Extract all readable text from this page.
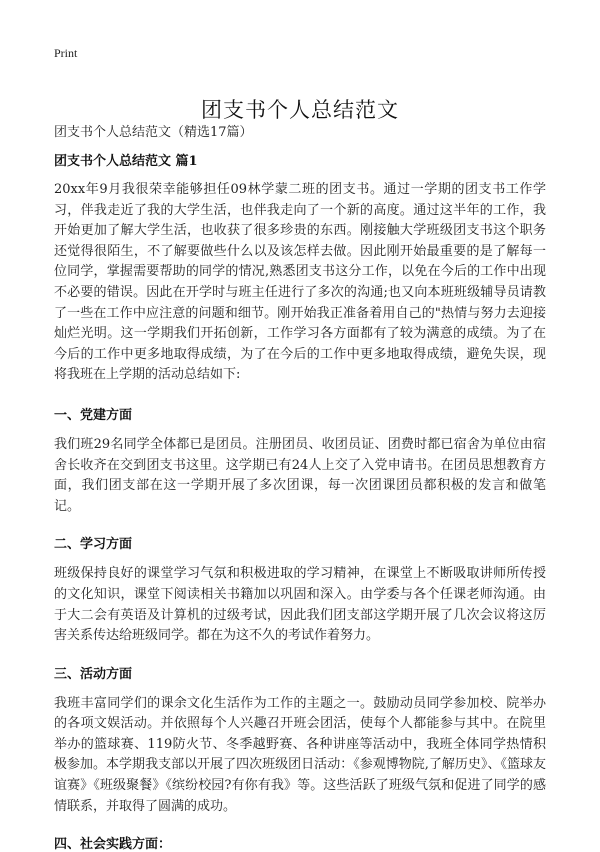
Print
团支书个人总结范文
团支书个人总结范文（精选17篇）

团支书个人总结范文 篇1

20xx年9月我很荣幸能够担任09林学蒙二班的团支书。通过一学期的团支书工作学习，伴我走近了我的大学生活，也伴我走向了一个新的高度。通过这半年的工作，我开始更加了解大学生活，也收获了很多珍贵的东西。刚接触大学班级团支书这个职务还觉得很陌生，不了解要做些什么以及该怎样去做。因此刚开始最重要的是了解每一位同学，掌握需要帮助的同学的情况,熟悉团支书这分工作，以免在今后的工作中出现不必要的错误。因此在开学时与班主任进行了多次的沟通;也又向本班班级辅导员请教了一些在工作中应注意的问题和细节。刚开始我正准备着用自己的"热情与努力去迎接灿烂光明。这一学期我们开拓创新，工作学习各方面都有了较为满意的成绩。为了在今后的工作中更多地取得成绩，为了在今后的工作中更多地取得成绩，避免失误，现将我班在上学期的活动总结如下:

一、党建方面

我们班29名同学全体都已是团员。注册团员、收团员证、团费时都已宿舍为单位由宿舍长收齐在交到团支书这里。这学期已有24人上交了入党申请书。在团员思想教育方面，我们团支部在这一学期开展了多次团课，每一次团课团员都积极的发言和做笔记。

二、学习方面

班级保持良好的课堂学习气氛和积极进取的学习精神，在课堂上不断吸取讲师所传授的文化知识，课堂下阅读相关书籍加以巩固和深入。由学委与各个任课老师沟通。由于大二会有英语及计算机的过级考试，因此我们团支部这学期开展了几次会议将这厉害关系传达给班级同学。都在为这不久的考试作着努力。

三、活动方面

我班丰富同学们的课余文化生活作为工作的主题之一。鼓励动员同学参加校、院举办的各项文娱活动。并依照每个人兴趣召开班会团活，使每个人都能参与其中。在院里举办的篮球赛、119防火节、冬季越野赛、各种讲座等活动中，我班全体同学热情积极参加。本学期我支部以开展了四次班级团日活动：《参观博物院,了解历史》、《篮球友谊赛》《班级聚餐》《缤纷校园?有你有我》等。这些活跃了班级气氛和促进了同学的感情联系，并取得了圆满的成功。

四、社会实践方面：
